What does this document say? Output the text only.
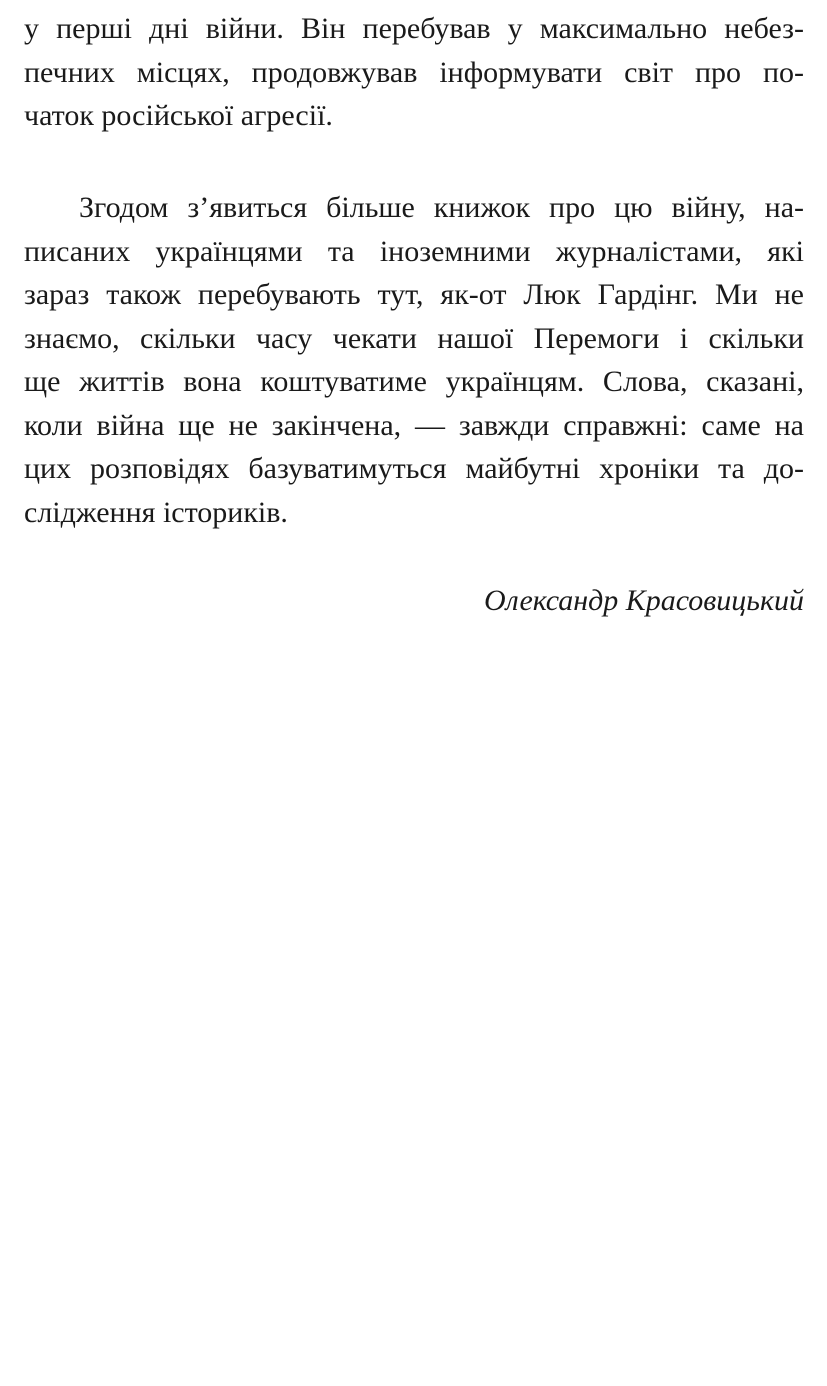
у перші дні війни. Він перебував у максимально небез-
печних місцях, продовжував інформувати світ про по-
чаток російської агресії.
Згодом з’явиться більше книжок про цю війну, на-
писаних українцями та іноземними журналістами, які
зараз також перебувають тут, як-от Люк Гардінг. Ми не
знаємо, скільки часу чекати нашої Перемоги і скільки
ще життів вона коштуватиме українцям. Слова, сказані,
коли війна ще не закінчена, — завжди справжні: саме на
цих розповідях базуватимуться майбутні хроніки та до-
слідження істориків.
Олександр Красовицький
